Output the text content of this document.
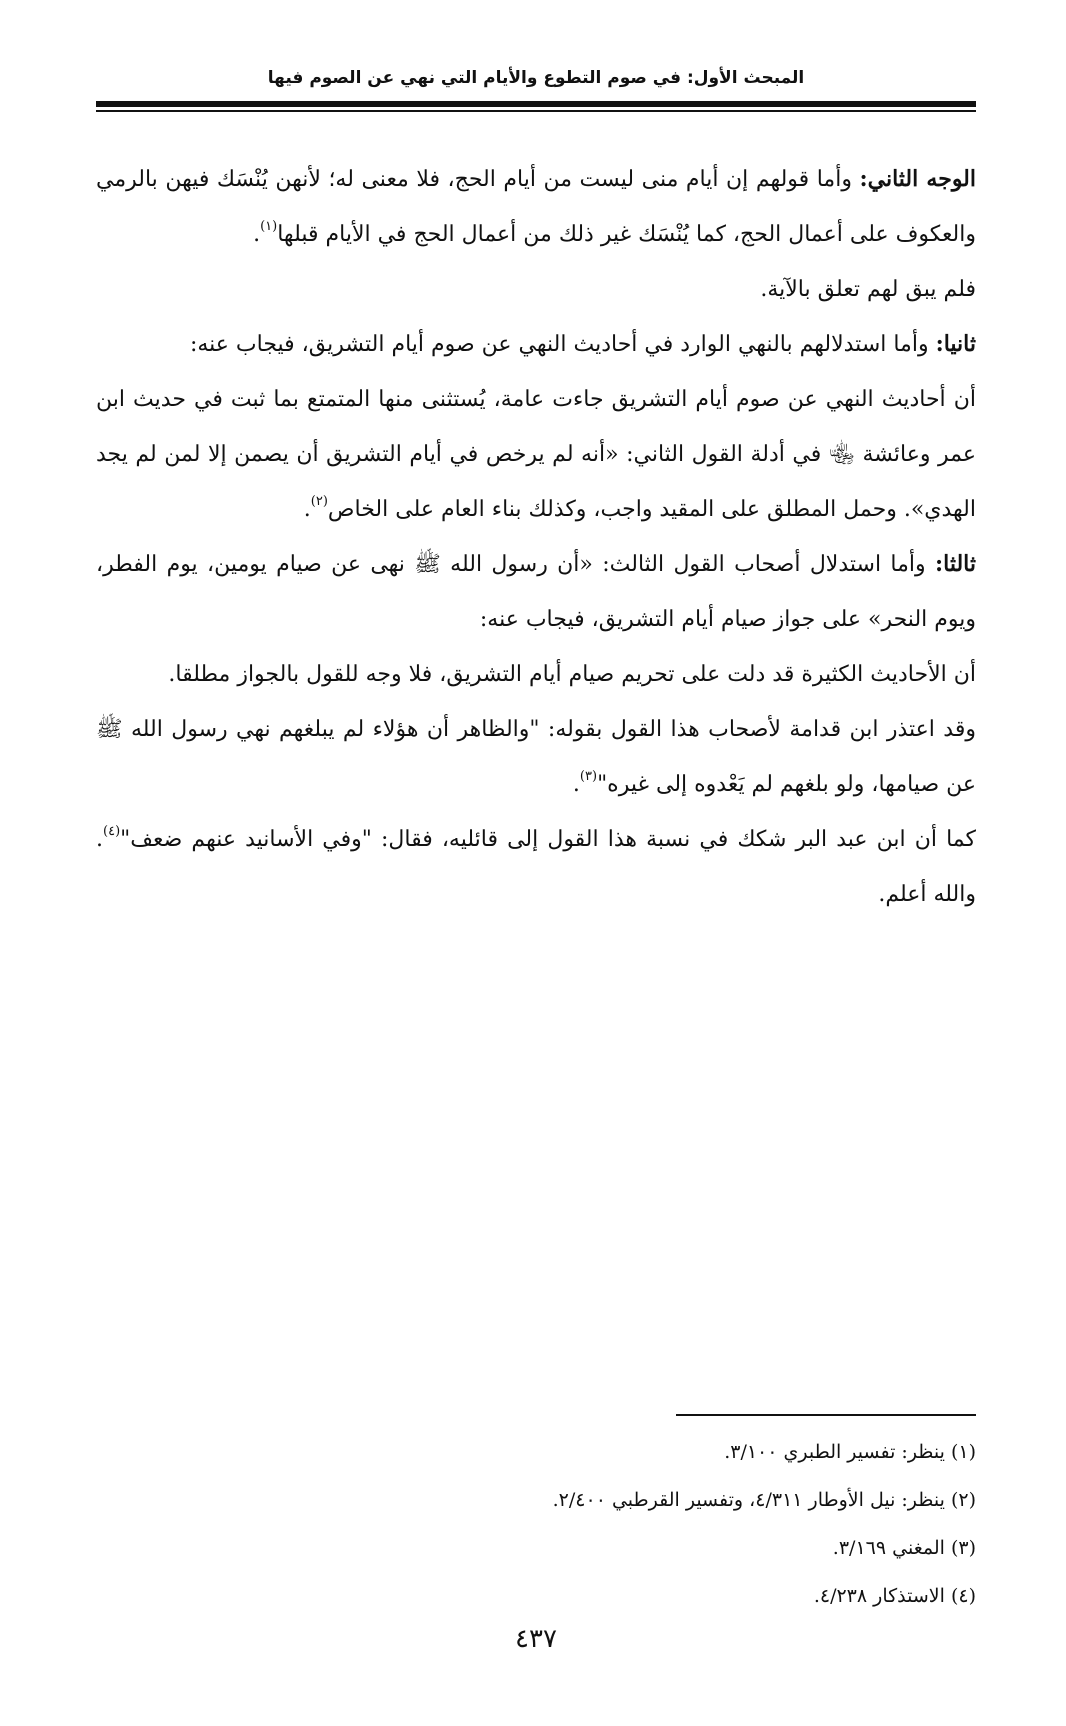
المبحث الأول: في صوم التطوع والأيام التي نهي عن الصوم فيها

الوجه الثاني: وأما قولهم إن أيام منى ليست من أيام الحج، فلا معنى له؛ لأنهن يُنْسَك فيهن بالرمي والعكوف على أعمال الحج، كما يُنْسَك غير ذلك من أعمال الحج في الأيام قبلها$^{(١)}$.

فلم يبق لهم تعلق بالآية.

ثانيا: وأما استدلالهم بالنهي الوارد في أحاديث النهي عن صوم أيام التشريق، فيجاب عنه:

أن أحاديث النهي عن صوم أيام التشريق جاءت عامة، يُستثنى منها المتمتع بما ثبت في حديث ابن عمر وعائشة ﵄ في أدلة القول الثاني: «أنه لم يرخص في أيام التشريق أن يصمن إلا لمن لم يجد الهدي». وحمل المطلق على المقيد واجب، وكذلك بناء العام على الخاص$^{(٢)}$.

ثالثا: وأما استدلال أصحاب القول الثالث: «أن رسول الله ﷺ نهى عن صيام يومين، يوم الفطر، ويوم النحر» على جواز صيام أيام التشريق، فيجاب عنه:

أن الأحاديث الكثيرة قد دلت على تحريم صيام أيام التشريق، فلا وجه للقول بالجواز مطلقا.

وقد اعتذر ابن قدامة لأصحاب هذا القول بقوله: "والظاهر أن هؤلاء لم يبلغهم نهي رسول الله ﷺ عن صيامها، ولو بلغهم لم يَعْدوه إلى غيره"$^{(٣)}$.

كما أن ابن عبد البر شكك في نسبة هذا القول إلى قائليه، فقال: "وفي الأسانيد عنهم ضعف"$^{(٤)}$. والله أعلم.

(١) ينظر: تفسير الطبري ٣/١٠٠.

(٢) ينظر: نيل الأوطار ٤/٣١١، وتفسير القرطبي ٢/٤٠٠.

(٣) المغني ٣/١٦٩.

(٤) الاستذكار ٤/٢٣٨.

٤٣٧
